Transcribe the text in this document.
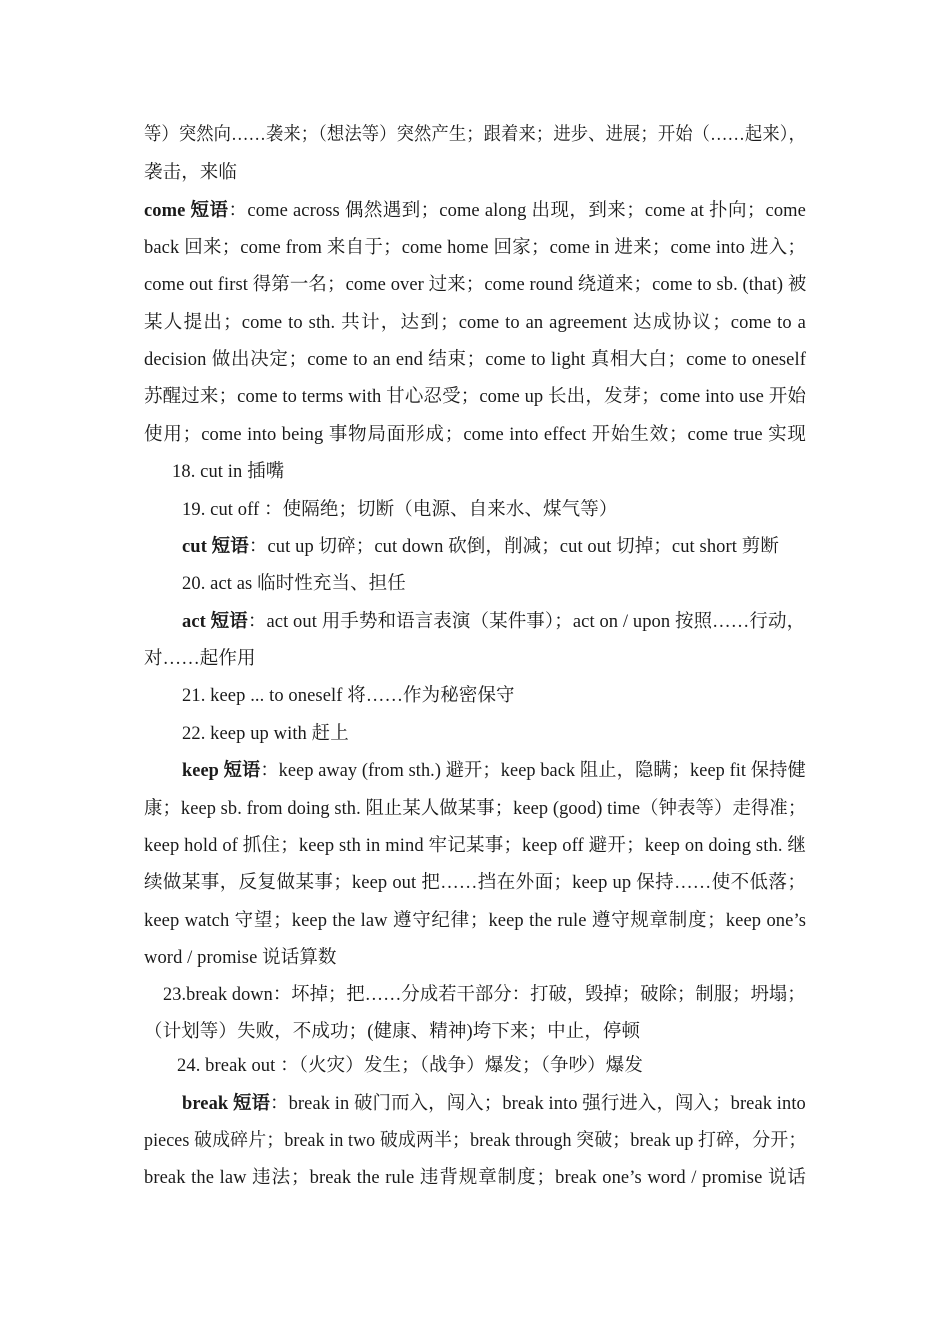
等）突然向……袭来；（想法等）突然产生；跟着来；进步、进展；开始（……起来），
袭击，来临
come 短语：come across 偶然遇到；come along 出现，到来；come at 扑向；come
back 回来；come from 来自于；come home 回家；come in 进来；come into 进入；
come out first 得第一名；come over 过来；come round 绕道来；come to sb. (that) 被
某人提出；come to sth. 共计，达到；come to an agreement 达成协议；come to a
decision 做出决定；come to an end 结束；come to light 真相大白；come to oneself
苏醒过来；come to terms with 甘心忍受；come up 长出，发芽；come into use 开始
使用；come into being 事物局面形成；come into effect 开始生效；come true 实现
18. cut in 插嘴
19. cut off ：使隔绝；切断（电源、自来水、煤气等）
cut 短语：cut up 切碎；cut down 砍倒，削减；cut out 切掉；cut short 剪断
20. act as 临时性充当、担任
act 短语：act out 用手势和语言表演（某件事）；act on / upon 按照……行动，
对……起作用
21. keep ... to oneself 将……作为秘密保守
22. keep up with 赶上
keep 短语：keep away (from sth.) 避开；keep back 阻止，隐瞒；keep fit 保持健
康；keep sb. from doing sth. 阻止某人做某事；keep (good) time（钟表等）走得准；
keep hold of 抓住；keep sth in mind 牢记某事；keep off 避开；keep on doing sth. 继
续做某事，反复做某事；keep out 把……挡在外面；keep up 保持……使不低落；
keep watch 守望；keep the law 遵守纪律；keep the rule 遵守规章制度；keep one’s
word / promise 说话算数
23.break down：坏掉；把……分成若干部分：打破，毁掉；破除；制服；坍塌；
（计划等）失败，不成功；(健康、精神)垮下来；中止，停顿
24. break out ：（火灾）发生；（战争）爆发；（争吵）爆发
break 短语：break in 破门而入，闯入；break into 强行进入，闯入；break into
pieces 破成碎片；break in two 破成两半；break through 突破；break up 打碎，分开；
break the law 违法；break the rule 违背规章制度；break one’s word / promise 说话
